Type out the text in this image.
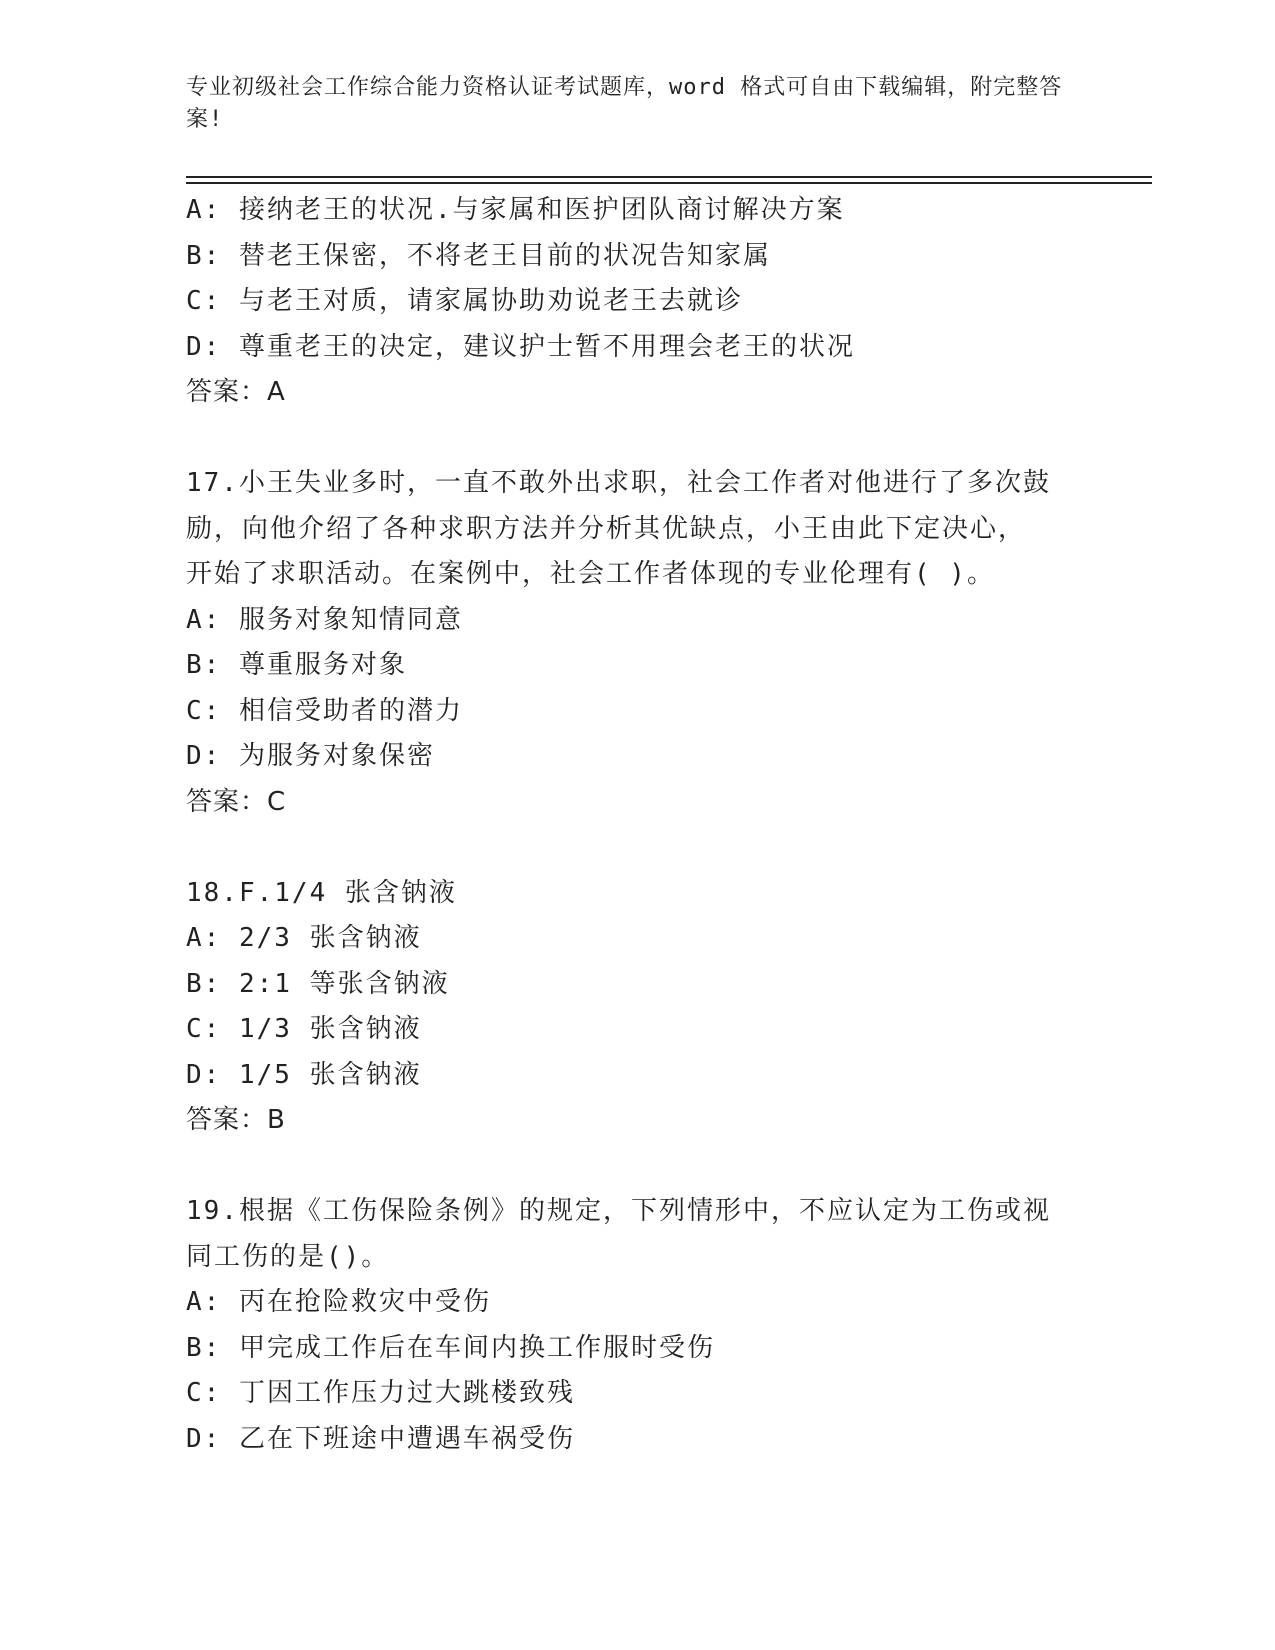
专业初级社会工作综合能力资格认证考试题库，word 格式可自由下载编辑，附完整答案!
A: 接纳老王的状况.与家属和医护团队商讨解决方案
B: 替老王保密，不将老王目前的状况告知家属
C: 与老王对质，请家属协助劝说老王去就诊
D: 尊重老王的决定，建议护士暂不用理会老王的状况
答案：A
17.小王失业多时，一直不敢外出求职，社会工作者对他进行了多次鼓
励，向他介绍了各种求职方法并分析其优缺点，小王由此下定决心，
开始了求职活动。在案例中，社会工作者体现的专业伦理有( )。
A: 服务对象知情同意
B: 尊重服务对象
C: 相信受助者的潜力
D: 为服务对象保密
答案：C
18.F.1/4 张含钠液
A: 2/3 张含钠液
B: 2:1 等张含钠液
C: 1/3 张含钠液
D: 1/5 张含钠液
答案：B
19.根据《工伤保险条例》的规定，下列情形中，不应认定为工伤或视
同工伤的是()。
A: 丙在抢险救灾中受伤
B: 甲完成工作后在车间内换工作服时受伤
C: 丁因工作压力过大跳楼致残
D: 乙在下班途中遭遇车祸受伤
